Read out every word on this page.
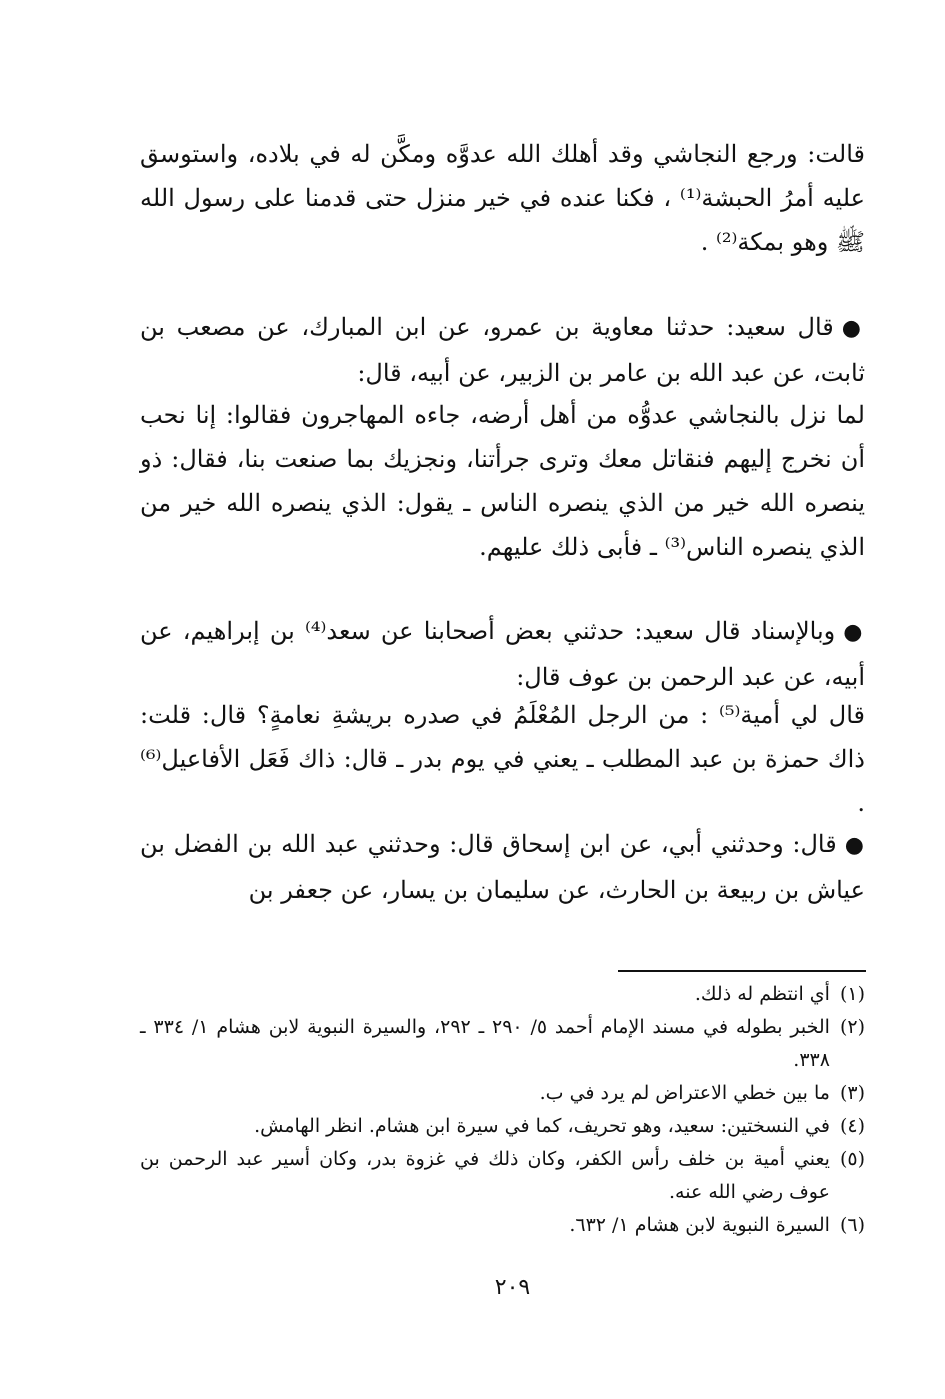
قالت: ورجع النجاشي وقد أهلك الله عدوَّه ومكَّن له في بلاده، واستوسق عليه أمرُ الحبشة⁽¹⁾ ، فكنا عنده في خير منزل حتى قدمنا على رسول الله ﷺ وهو بمكة⁽²⁾ .

●قال سعيد: حدثنا معاوية بن عمرو، عن ابن المبارك، عن مصعب بن ثابت، عن عبد الله بن عامر بن الزبير، عن أبيه، قال:

لما نزل بالنجاشي عدوُّه من أهل أرضه، جاءه المهاجرون فقالوا: إنا نحب أن نخرج إليهم فنقاتل معك وترى جرأتنا، ونجزيك بما صنعت بنا، فقال: ذو ينصره الله خير من الذي ينصره الناس ـ يقول: الذي ينصره الله خير من الذي ينصره الناس⁽³⁾ ـ فأبى ذلك عليهم.

●وبالإسناد قال سعيد: حدثني بعض أصحابنا عن سعد⁽⁴⁾ بن إبراهيم، عن أبيه، عن عبد الرحمن بن عوف قال:

قال لي أمية⁽⁵⁾ : من الرجل المُعْلَمُ في صدره بريشةِ نعامةٍ؟ قال: قلت: ذاك حمزة بن عبد المطلب ـ يعني في يوم بدر ـ قال: ذاك فَعَل الأفاعيل⁽⁶⁾ .

●قال: وحدثني أبي، عن ابن إسحاق قال: وحدثني عبد الله بن الفضل بن عياش بن ربيعة بن الحارث، عن سليمان بن يسار، عن جعفر بن

(١)
أي انتظم له ذلك.
(٢)
الخبر بطوله في مسند الإمام أحمد ٥/ ٢٩٠ ـ ٢٩٢، والسيرة النبوية لابن هشام ١/ ٣٣٤ ـ ٣٣٨.
(٣)
ما بين خطي الاعتراض لم يرد في ب.
(٤)
في النسختين: سعيد، وهو تحريف، كما في سيرة ابن هشام. انظر الهامش.
(٥)
يعني أمية بن خلف رأس الكفر، وكان ذلك في غزوة بدر، وكان أسير عبد الرحمن بن عوف رضي الله عنه.
(٦)
السيرة النبوية لابن هشام ١/ ٦٣٢.
٢٠٩
